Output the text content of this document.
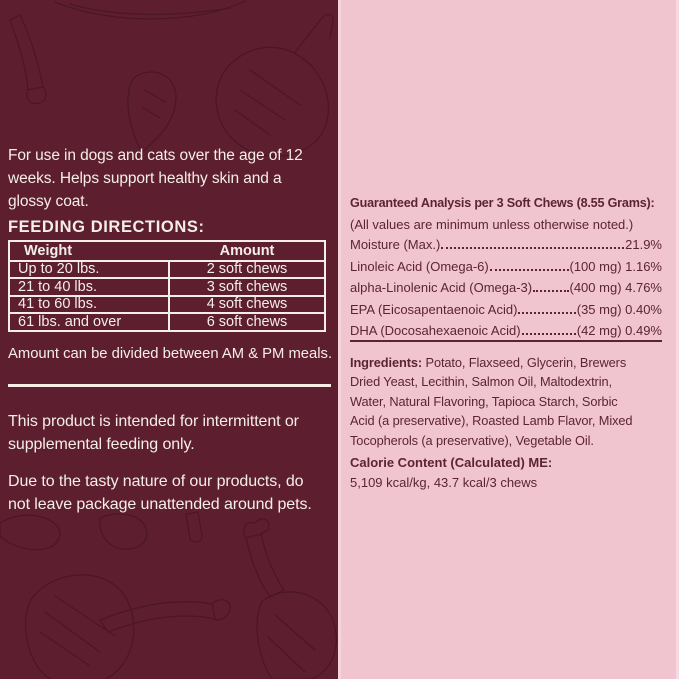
For use in dogs and cats over the age of 12
weeks. Helps support healthy skin and a
glossy coat.
FEEDING DIRECTIONS:
Weight	Amount
Up to 20 lbs.	2 soft chews
21 to 40 lbs.	3 soft chews
41 to 60 lbs.	4 soft chews
61 lbs. and over	6 soft chews
Amount can be divided between AM & PM meals.
This product is intended for intermittent or
supplemental feeding only.
Due to the tasty nature of our products, do
not leave package unattended around pets.
Guaranteed Analysis per 3 Soft Chews (8.55 Grams):
(All values are minimum unless otherwise noted.)
Moisture (Max.)	21.9%
Linoleic Acid (Omega-6)	(100 mg) 1.16%
alpha-Linolenic Acid (Omega-3)	(400 mg) 4.76%
EPA (Eicosapentaenoic Acid)	(35 mg) 0.40%
DHA (Docosahexaenoic Acid)	(42 mg) 0.49%
Ingredients: Potato, Flaxseed, Glycerin, Brewers
Dried Yeast, Lecithin, Salmon Oil, Maltodextrin,
Water, Natural Flavoring, Tapioca Starch, Sorbic
Acid (a preservative), Roasted Lamb Flavor, Mixed
Tocopherols (a preservative), Vegetable Oil.
Calorie Content (Calculated) ME:
5,109 kcal/kg, 43.7 kcal/3 chews
